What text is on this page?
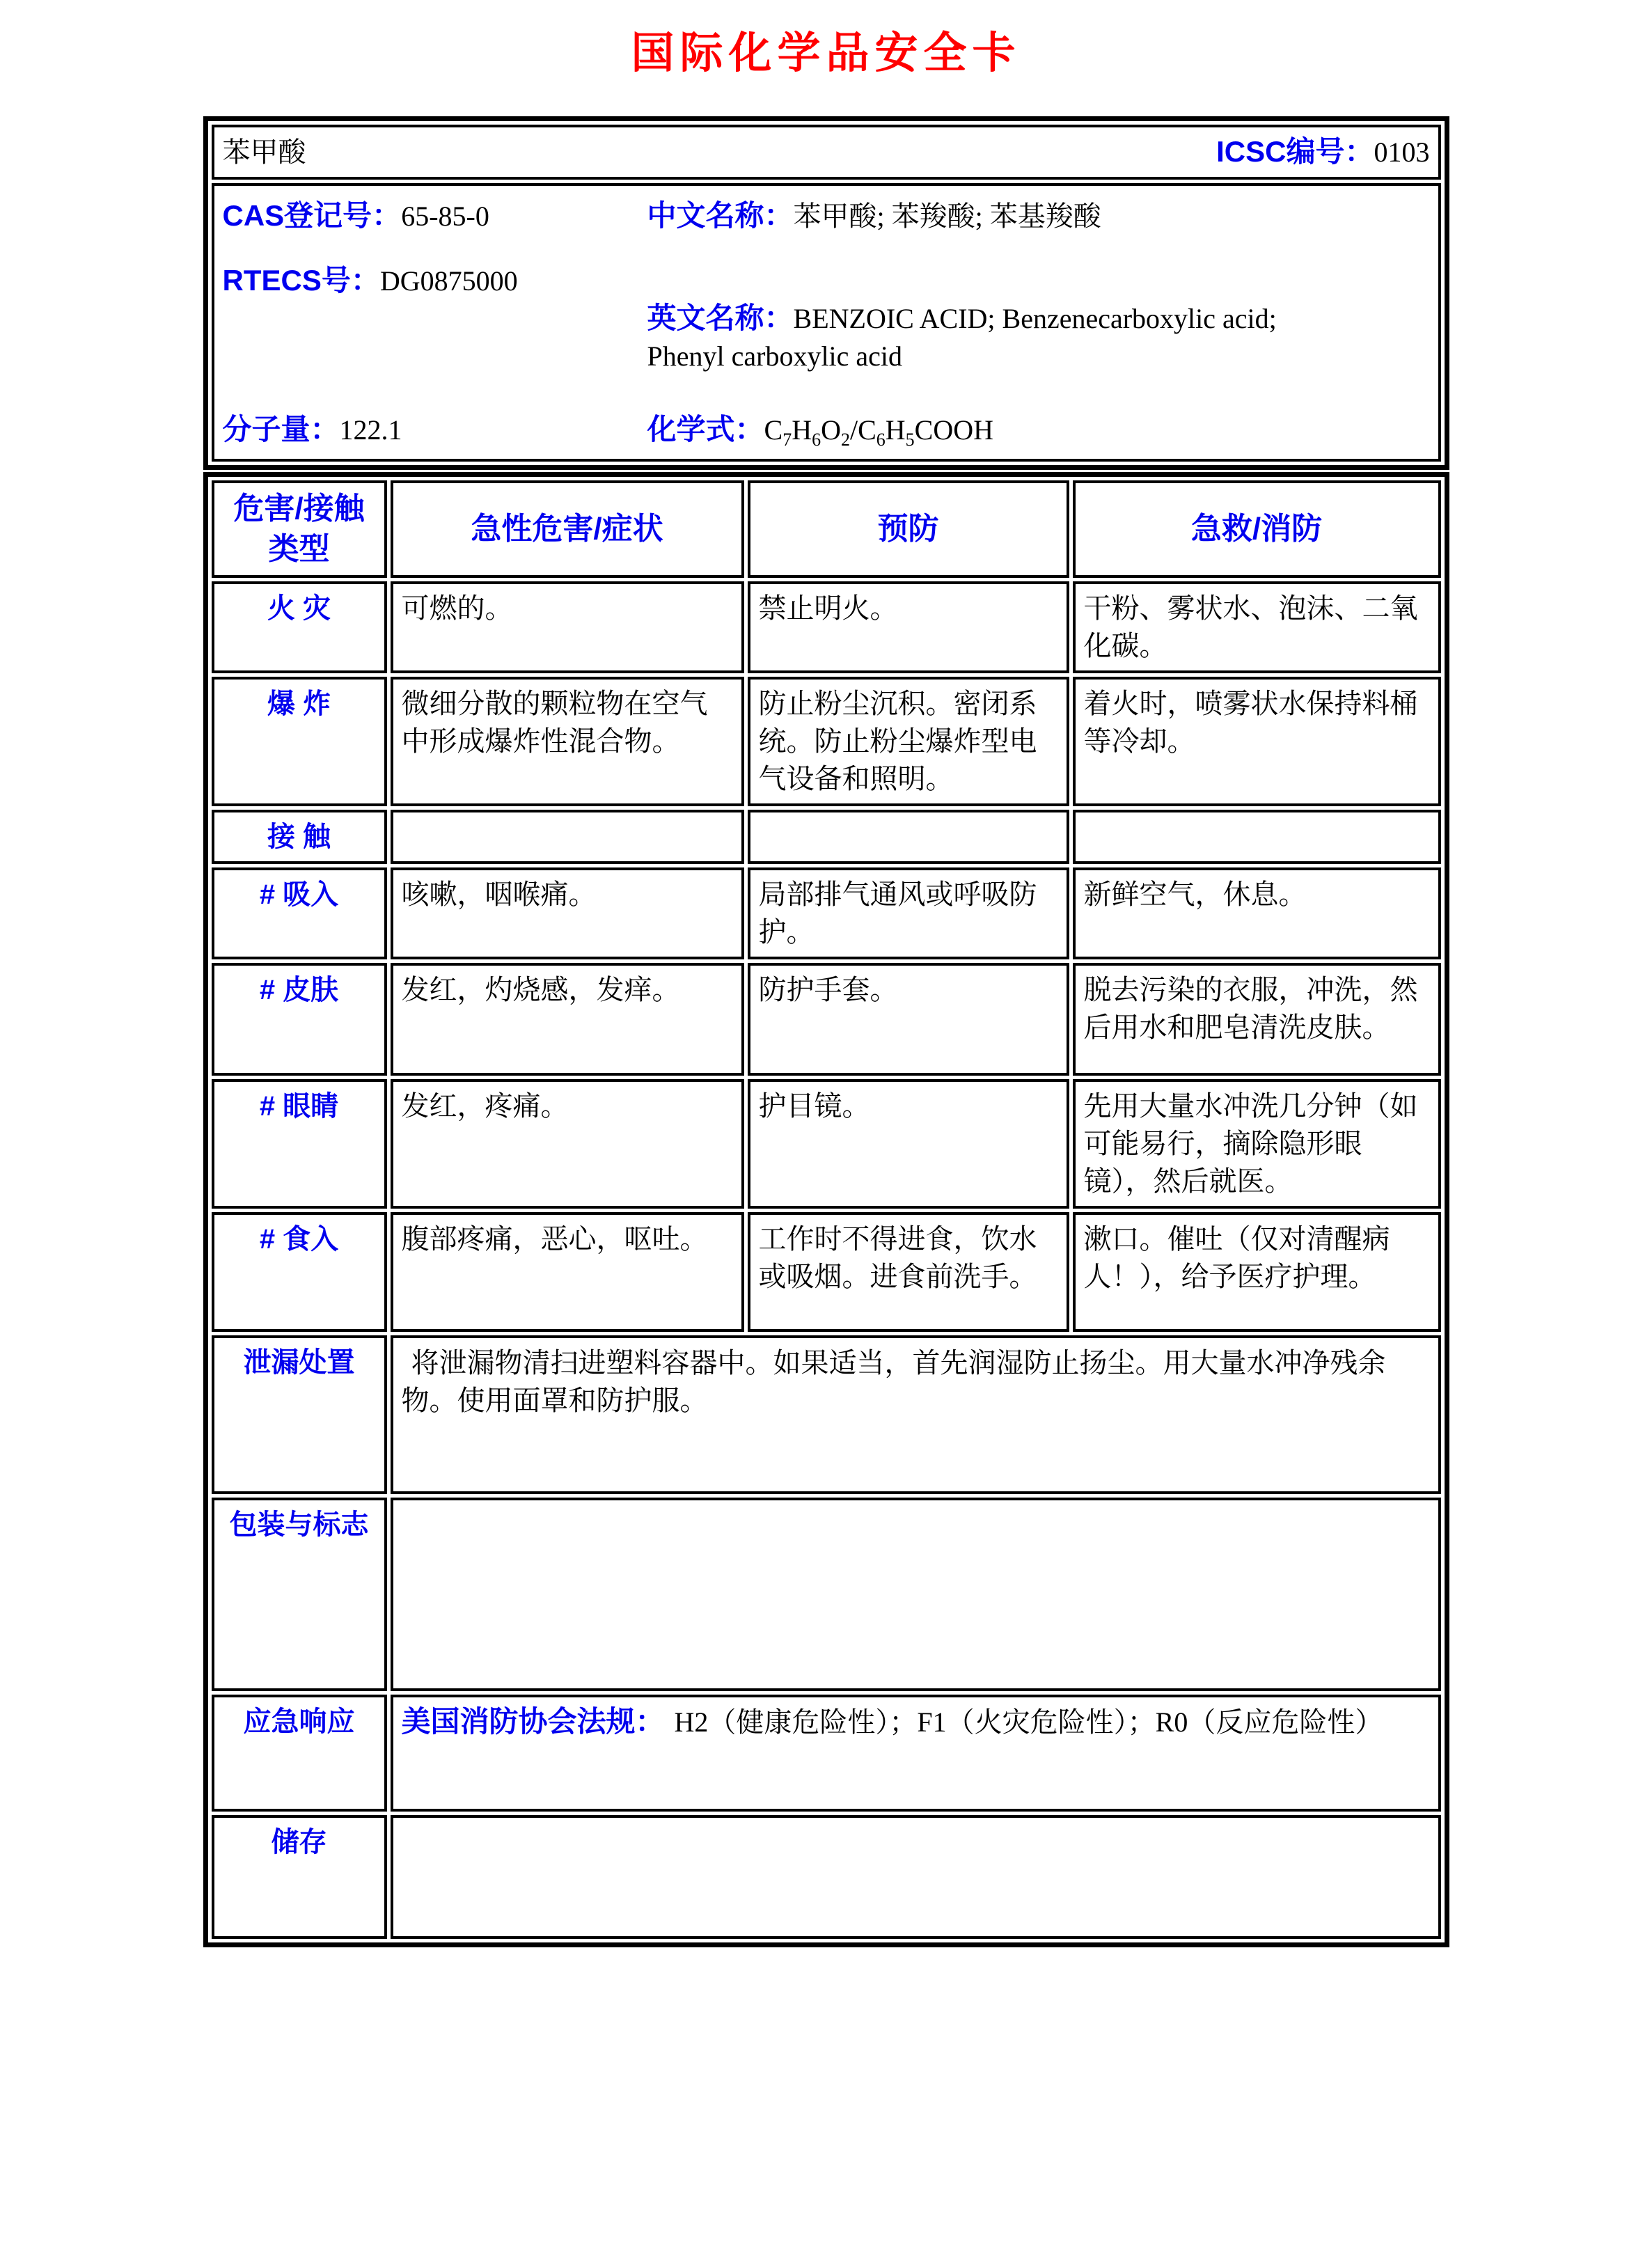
国际化学品安全卡
苯甲酸	ICSC编号：0103

CAS登记号：65-85-0
RTECS号：DG0875000
分子量：122.1
中文名称：苯甲酸; 苯羧酸; 苯基羧酸
英文名称：BENZOIC ACID; Benzenecarboxylic acid; Phenyl carboxylic acid
化学式：$C_7H_6O_2/C_6H_5COOH$
危害/接触
类型	急性危害/症状	预防	急救/消防
火 灾	可燃的。	禁止明火。	干粉、雾状水、泡沫、二氧化碳。
爆 炸	微细分散的颗粒物在空气中形成爆炸性混合物。	防止粉尘沉积。密闭系统。防止粉尘爆炸型电气设备和照明。	着火时，喷雾状水保持料桶等冷却。
接 触			
# 吸入	咳嗽，咽喉痛。	局部排气通风或呼吸防护。	新鲜空气，休息。
# 皮肤	发红，灼烧感，发痒。	防护手套。	脱去污染的衣服，冲洗，然后用水和肥皂清洗皮肤。
# 眼睛	发红，疼痛。	护目镜。	先用大量水冲洗几分钟（如可能易行，摘除隐形眼镜），然后就医。
# 食入	腹部疼痛，恶心，呕吐。	工作时不得进食，饮水或吸烟。进食前洗手。	漱口。催吐（仅对清醒病人！），给予医疗护理。
泄漏处置	将泄漏物清扫进塑料容器中。如果适当，首先润湿防止扬尘。用大量水冲净残余物。使用面罩和防护服。		
包装与标志			
应急响应	美国消防协会法规： H2（健康危险性）；F1（火灾危险性）；R0（反应危险性）		
储存			
